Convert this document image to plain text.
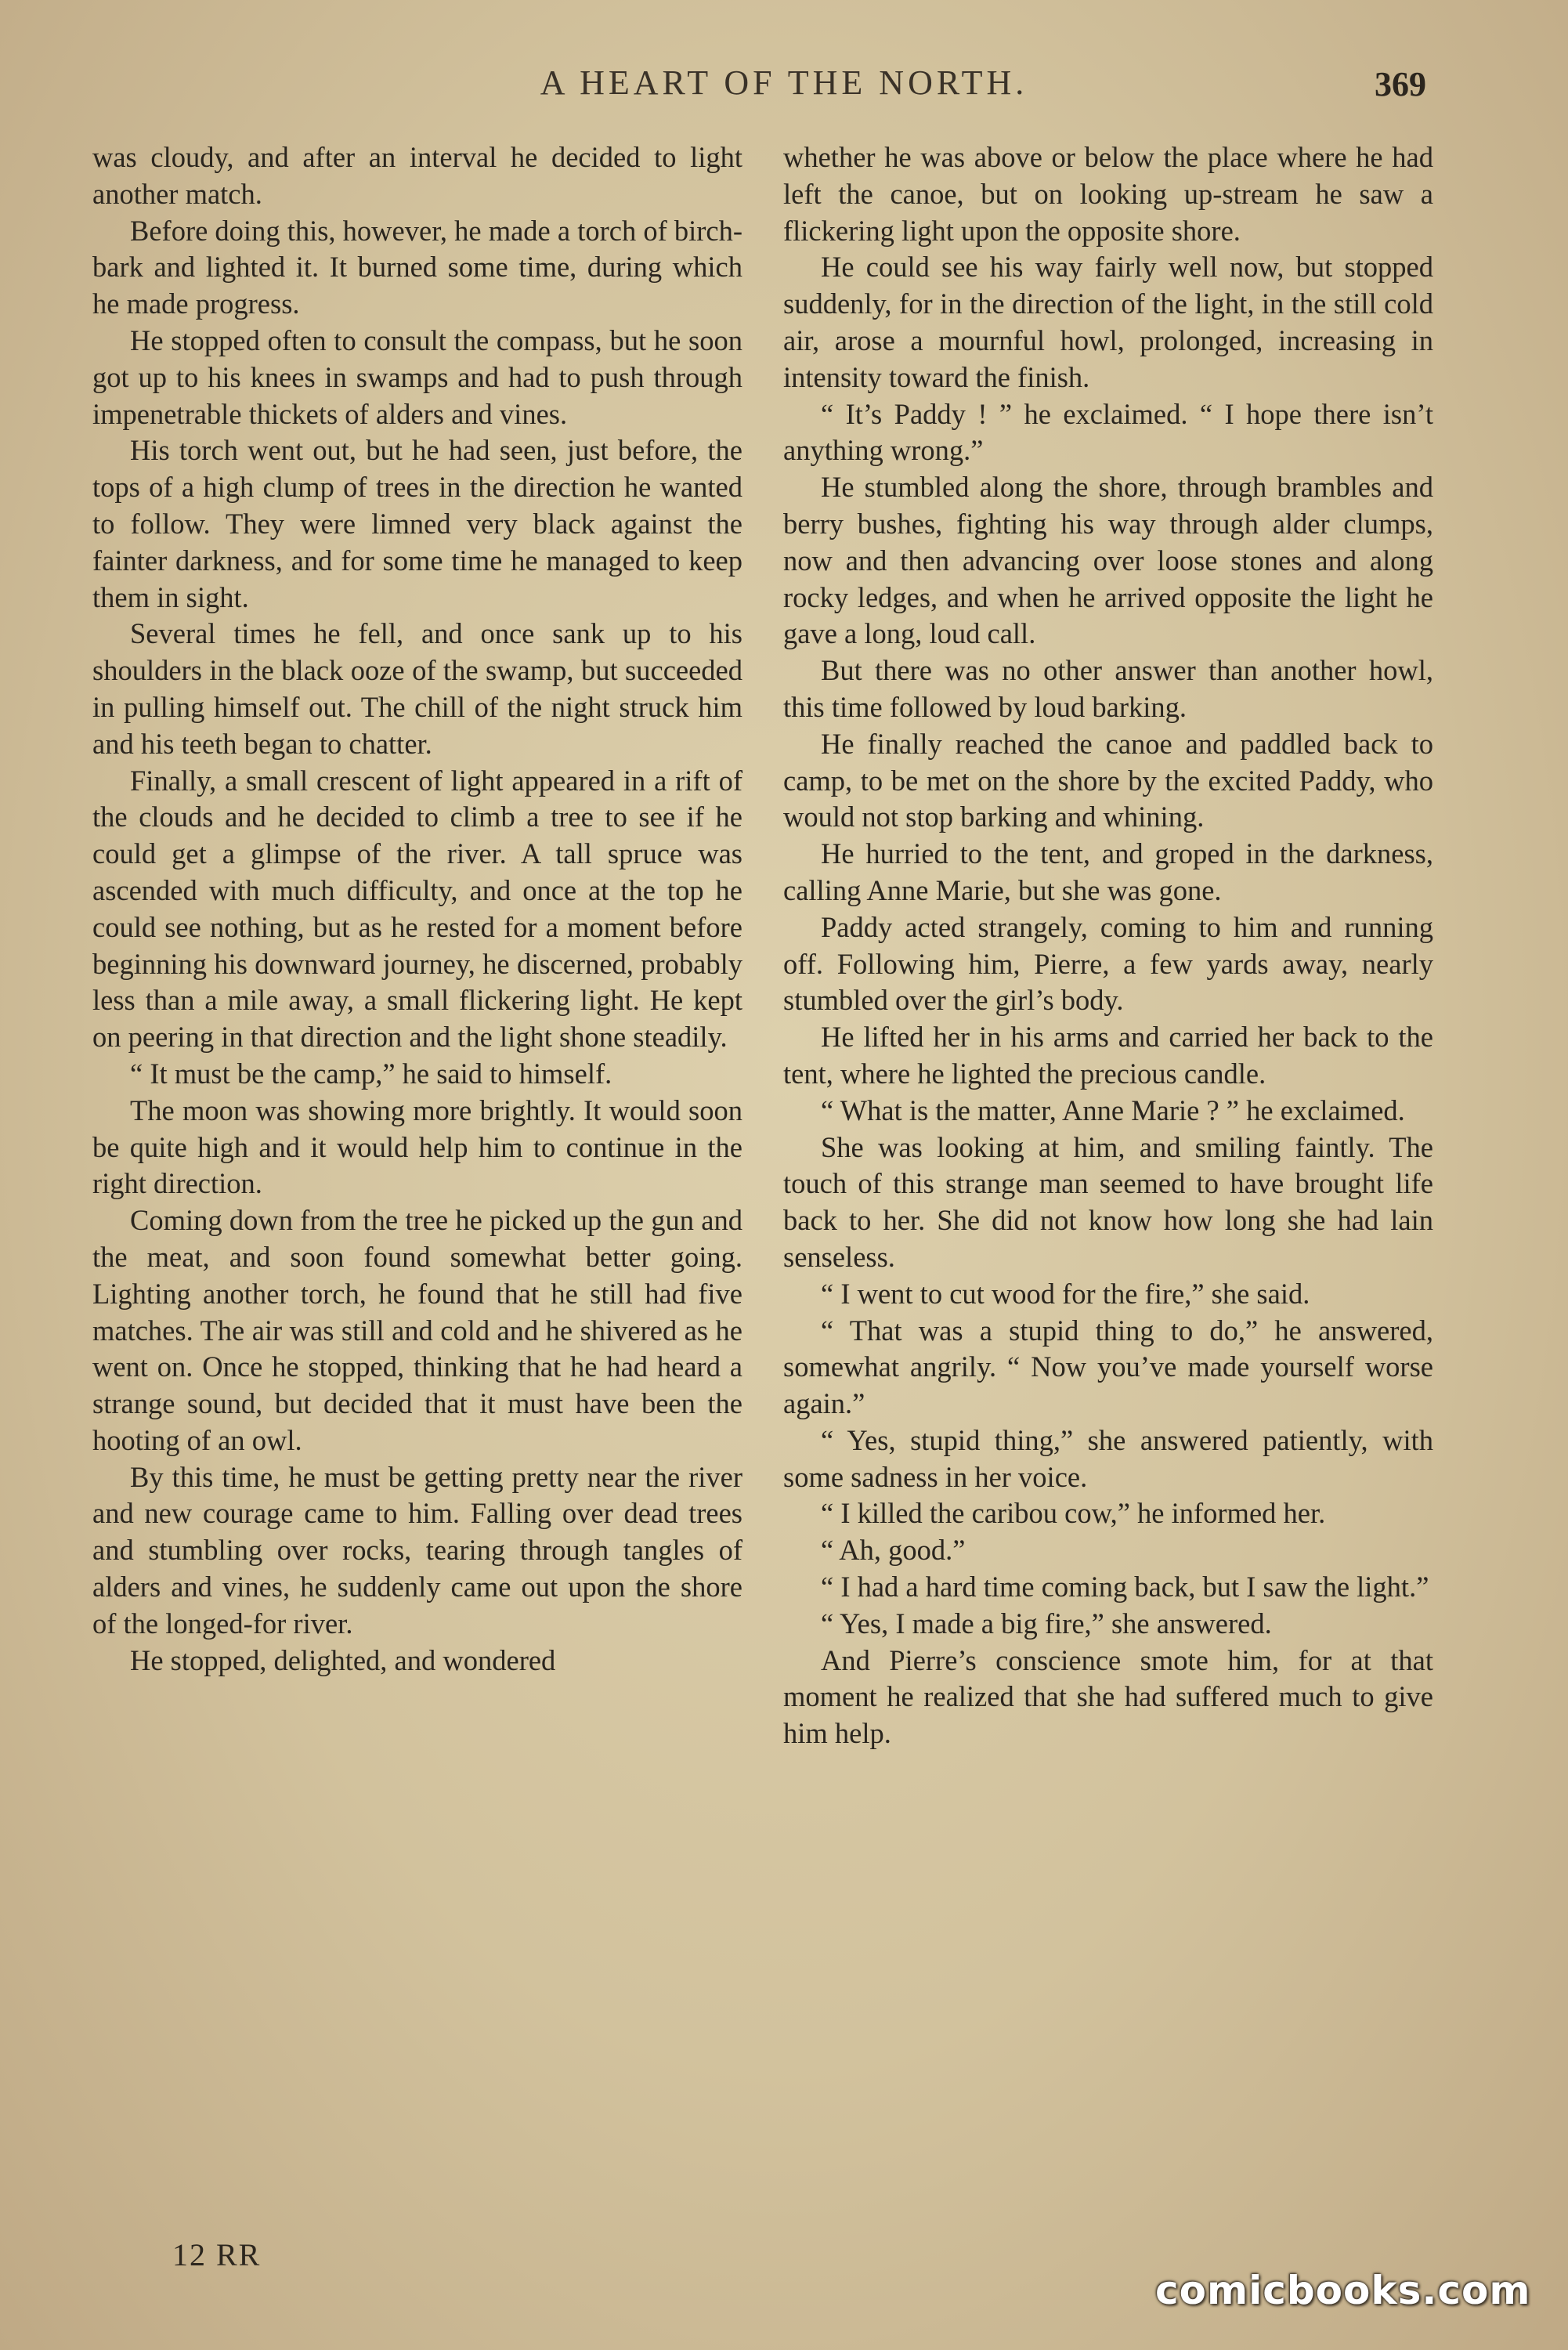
A HEART OF THE NORTH.	369

was cloudy, and after an interval he decided to light another match.

Before doing this, however, he made a torch of birch-bark and lighted it. It burned some time, during which he made progress.

He stopped often to consult the compass, but he soon got up to his knees in swamps and had to push through impenetrable thickets of alders and vines.

His torch went out, but he had seen, just before, the tops of a high clump of trees in the direction he wanted to follow. They were limned very black against the fainter darkness, and for some time he managed to keep them in sight.

Several times he fell, and once sank up to his shoulders in the black ooze of the swamp, but succeeded in pulling himself out. The chill of the night struck him and his teeth began to chatter.

Finally, a small crescent of light appeared in a rift of the clouds and he decided to climb a tree to see if he could get a glimpse of the river. A tall spruce was ascended with much difficulty, and once at the top he could see nothing, but as he rested for a moment before beginning his downward journey, he discerned, probably less than a mile away, a small flickering light. He kept on peering in that direction and the light shone steadily.

“ It must be the camp,” he said to himself.

The moon was showing more brightly. It would soon be quite high and it would help him to continue in the right direction.

Coming down from the tree he picked up the gun and the meat, and soon found somewhat better going. Lighting another torch, he found that he still had five matches. The air was still and cold and he shivered as he went on. Once he stopped, thinking that he had heard a strange sound, but decided that it must have been the hooting of an owl.

By this time, he must be getting pretty near the river and new courage came to him. Falling over dead trees and stumbling over rocks, tearing through tangles of alders and vines, he suddenly came out upon the shore of the longed-for river.

He stopped, delighted, and wondered

whether he was above or below the place where he had left the canoe, but on looking up-stream he saw a flickering light upon the opposite shore.

He could see his way fairly well now, but stopped suddenly, for in the direction of the light, in the still cold air, arose a mournful howl, prolonged, increasing in intensity toward the finish.

“ It’s Paddy ! ” he exclaimed. “ I hope there isn’t anything wrong.”

He stumbled along the shore, through brambles and berry bushes, fighting his way through alder clumps, now and then advancing over loose stones and along rocky ledges, and when he arrived opposite the light he gave a long, loud call.

But there was no other answer than another howl, this time followed by loud barking.

He finally reached the canoe and paddled back to camp, to be met on the shore by the excited Paddy, who would not stop barking and whining.

He hurried to the tent, and groped in the darkness, calling Anne Marie, but she was gone.

Paddy acted strangely, coming to him and running off. Following him, Pierre, a few yards away, nearly stumbled over the girl’s body.

He lifted her in his arms and carried her back to the tent, where he lighted the precious candle.

“ What is the matter, Anne Marie ? ” he exclaimed.

She was looking at him, and smiling faintly. The touch of this strange man seemed to have brought life back to her. She did not know how long she had lain senseless.

“ I went to cut wood for the fire,” she said.

“ That was a stupid thing to do,” he answered, somewhat angrily. “ Now you’ve made yourself worse again.”

“ Yes, stupid thing,” she answered patiently, with some sadness in her voice.

“ I killed the caribou cow,” he informed her.

“ Ah, good.”

“ I had a hard time coming back, but I saw the light.”

“ Yes, I made a big fire,” she answered.

And Pierre’s conscience smote him, for at that moment he realized that she had suffered much to give him help.

12 RR
comicbooks.com
